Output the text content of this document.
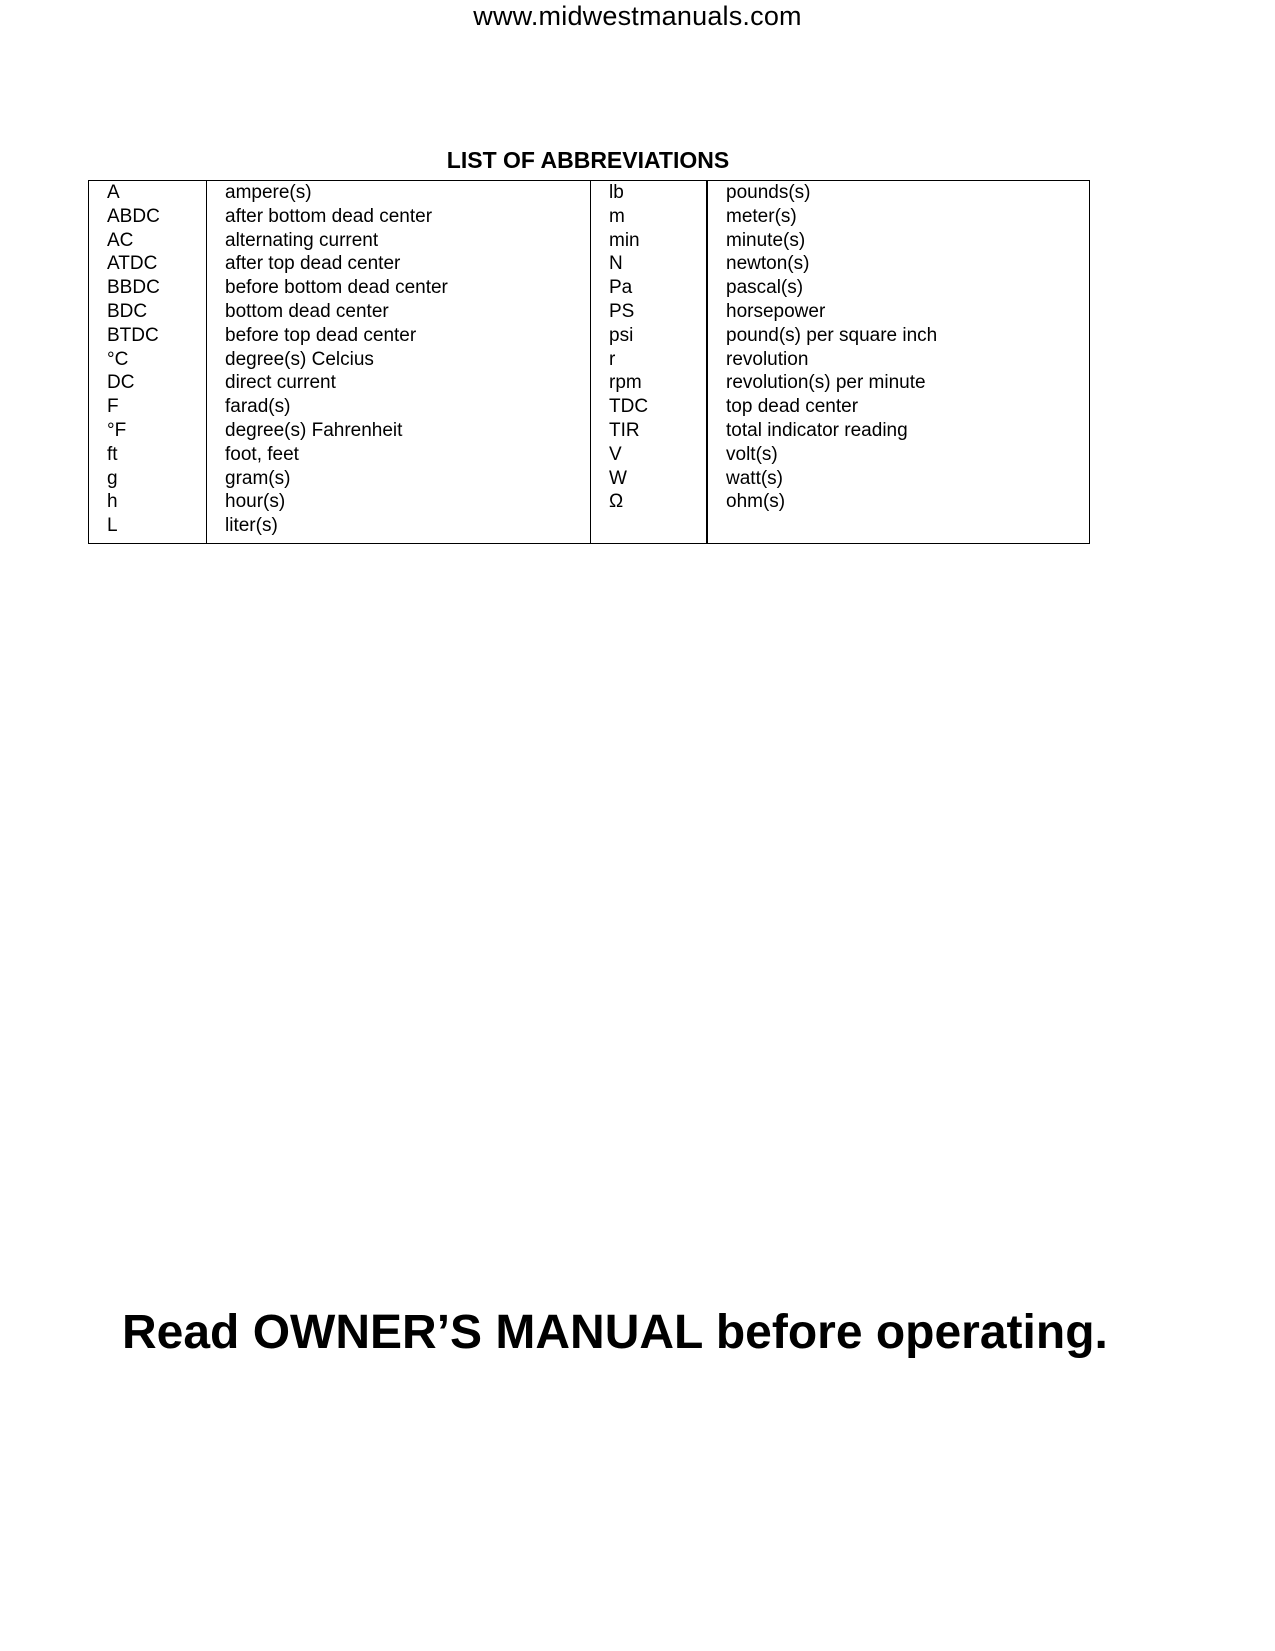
www.midwestmanuals.com
LIST OF ABBREVIATIONS
A
ABDC
AC
ATDC
BBDC
BDC
BTDC
°C
DC
F
°F
ft
g
h
L
ampere(s)
after bottom dead center
alternating current
after top dead center
before bottom dead center
bottom dead center
before top dead center
degree(s) Celcius
direct current
farad(s)
degree(s) Fahrenheit
foot, feet
gram(s)
hour(s)
liter(s)
lb
m
min
N
Pa
PS
psi
r
rpm
TDC
TIR
V
W
Ω
pounds(s)
meter(s)
minute(s)
newton(s)
pascal(s)
horsepower
pound(s) per square inch
revolution
revolution(s) per minute
top dead center
total indicator reading
volt(s)
watt(s)
ohm(s)
Read OWNER’S MANUAL before operating.
